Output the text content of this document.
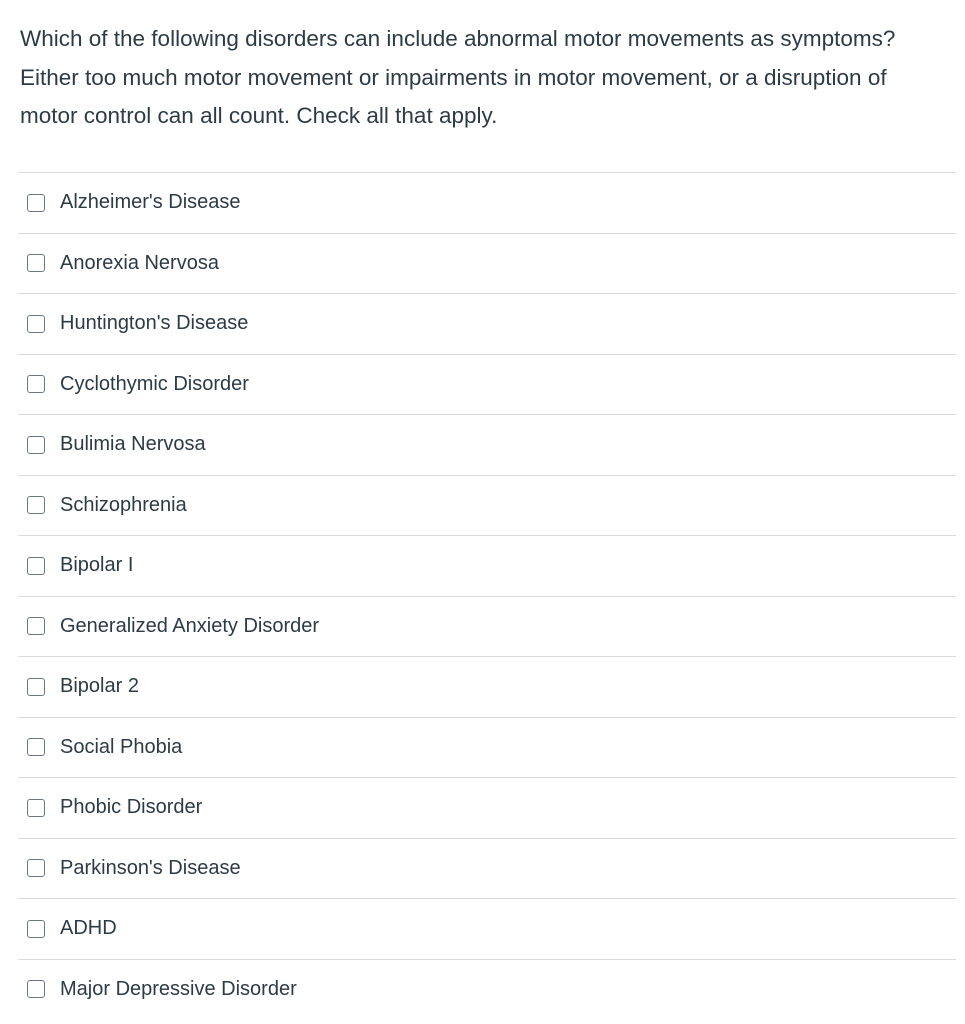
Which of the following disorders can include abnormal motor movements as symptoms? Either too much motor movement or impairments in motor movement, or a disruption of motor control can all count. Check all that apply.

Alzheimer's Disease
Anorexia Nervosa
Huntington's Disease
Cyclothymic Disorder
Bulimia Nervosa
Schizophrenia
Bipolar I
Generalized Anxiety Disorder
Bipolar 2
Social Phobia
Phobic Disorder
Parkinson's Disease
ADHD
Major Depressive Disorder
